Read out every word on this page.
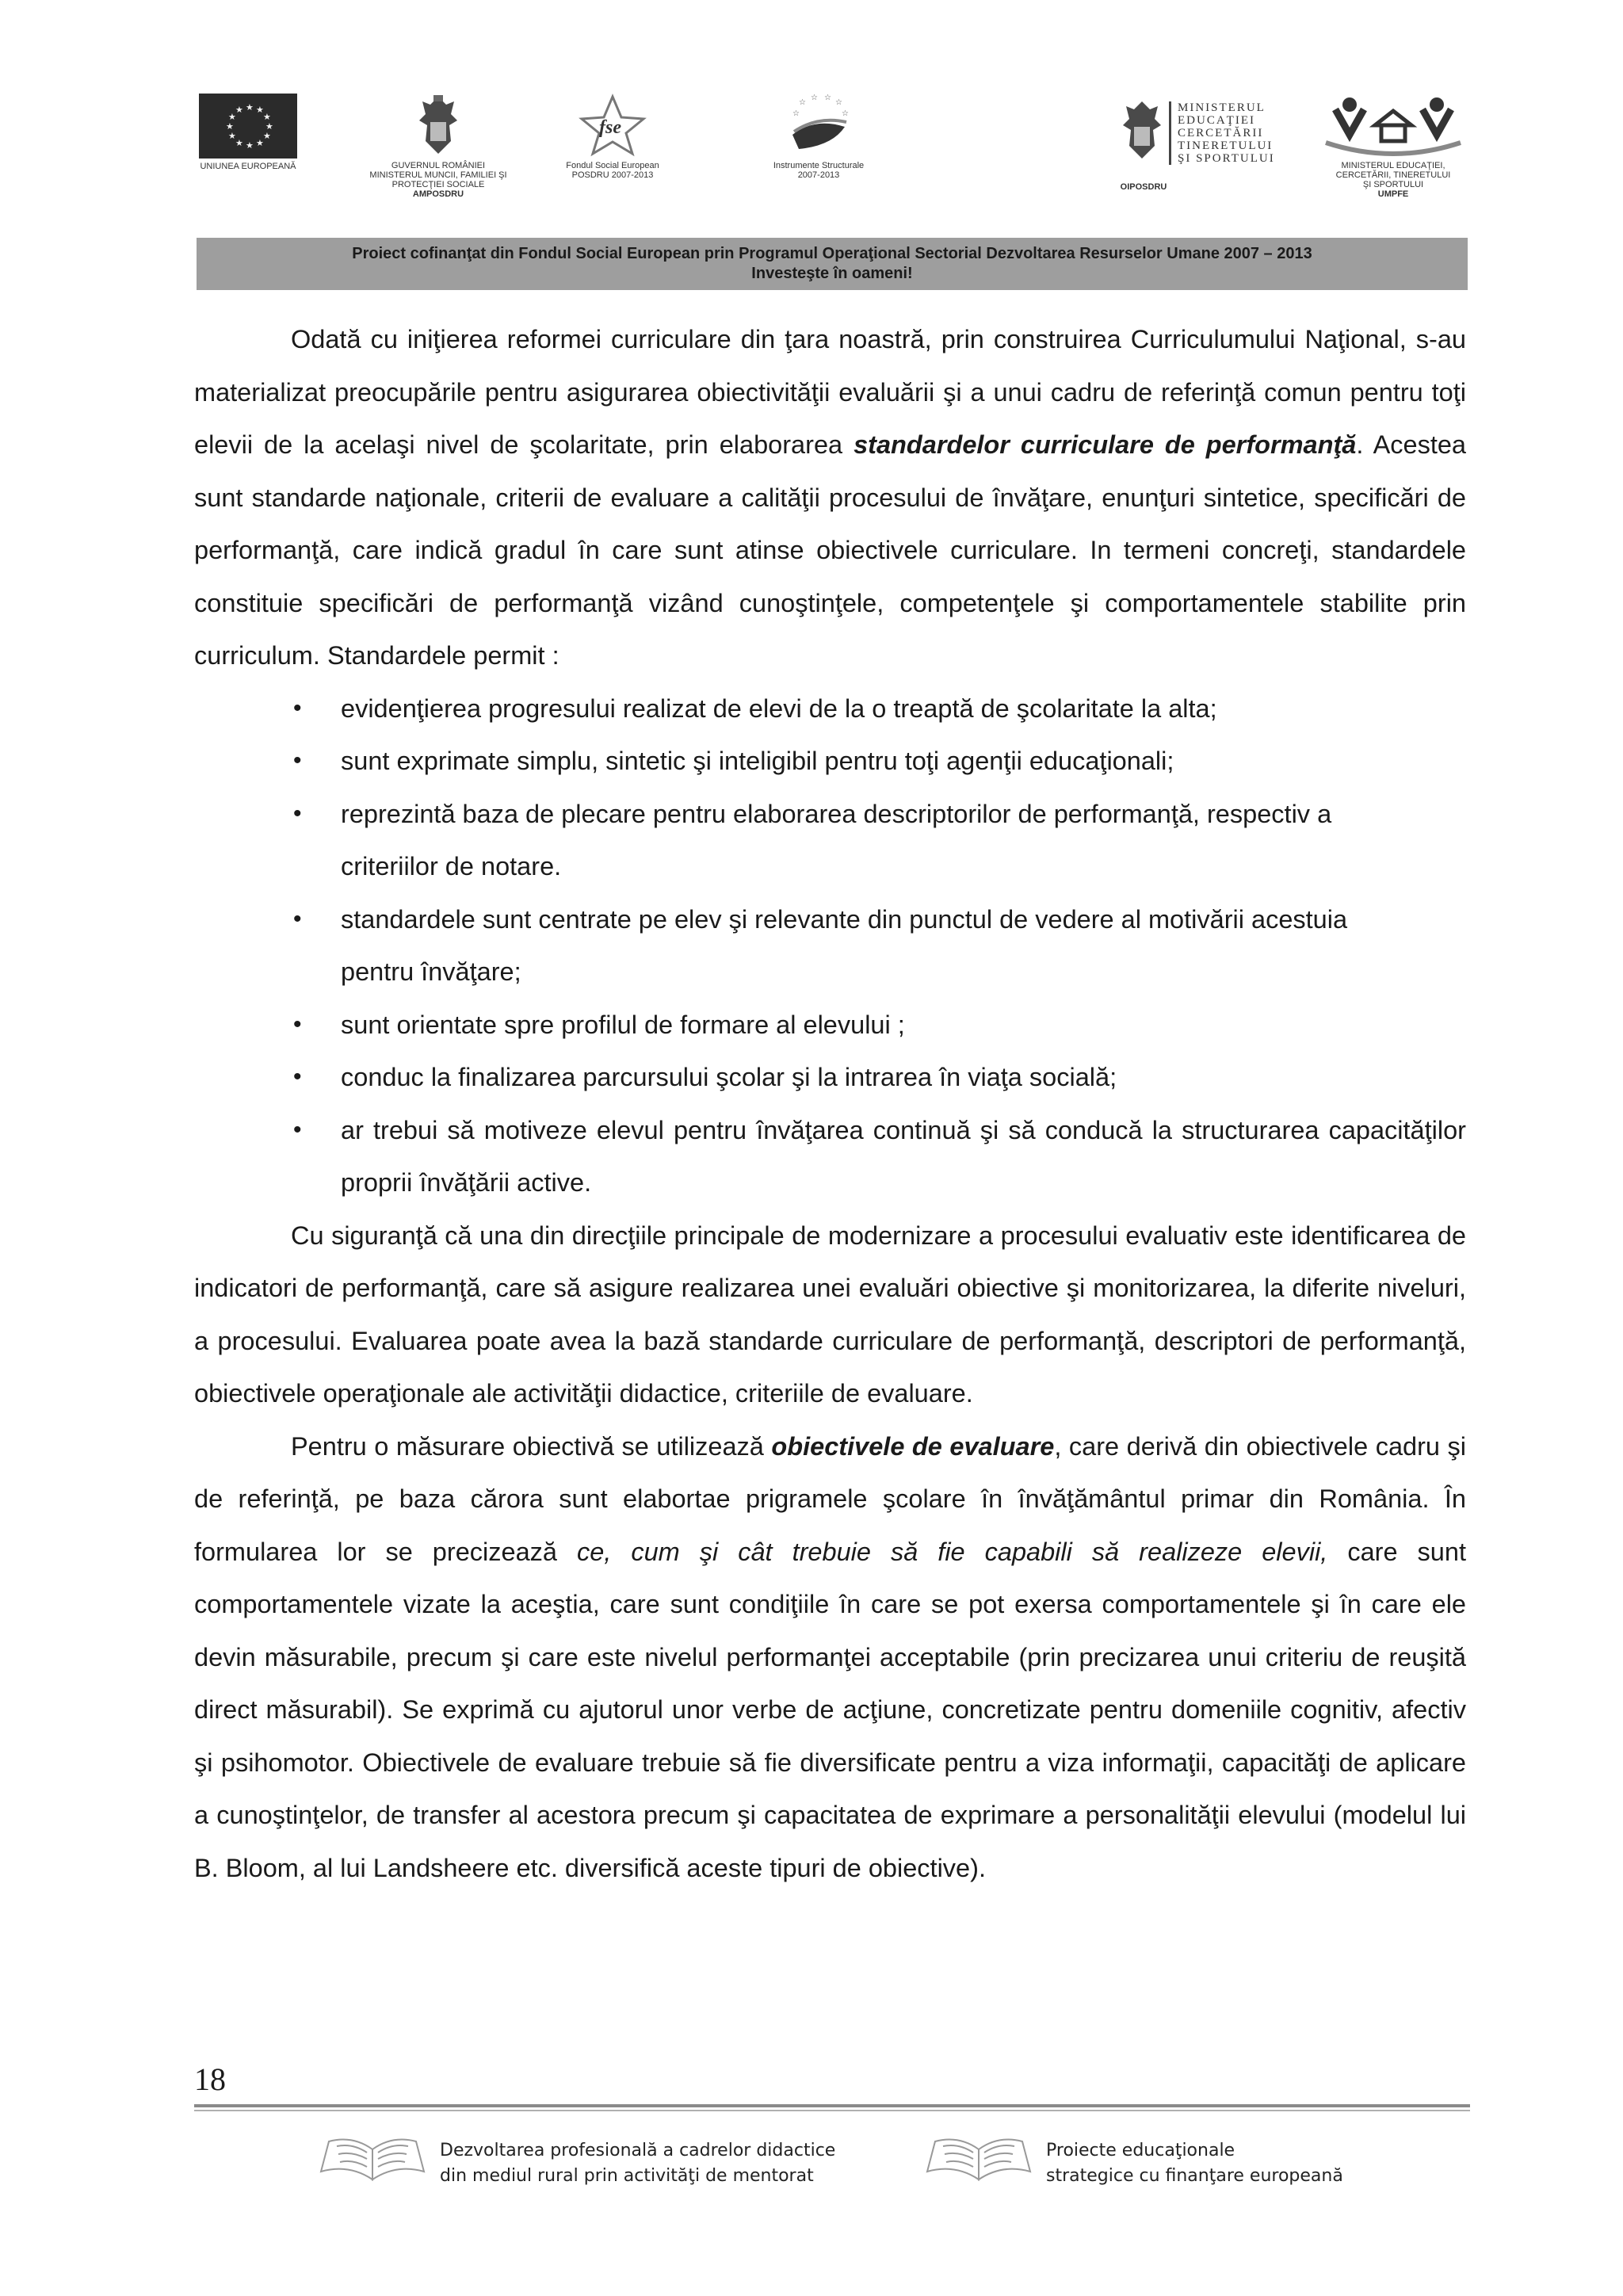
★ ★
★
★
★
★
★
★
★
★
★
★
UNIUNEA EUROPEANĂ	GUVERNUL ROMÂNIEI
MINISTERUL MUNCII, FAMILIEI ŞI
PROTECŢIEI SOCIALE
AMPOSDRU
fse
Fondul Social European
POSDRU 2007-2013
☆
☆ ☆
☆
☆	☆
Instrumente Structurale
2007-2013
MINISTERUL
EDUCAŢIEI
CERCETĂRII
TINERETULUI
ŞI SPORTULUI
OIPOSDRU
MINISTERUL EDUCAŢIEI,
CERCETĂRII, TINERETULUI
ŞI SPORTULUI
UMPFE
Proiect cofinanţat din Fondul Social European prin Programul Operaţional Sectorial Dezvoltarea Resurselor Umane 2007 – 2013
Investeşte în oameni!

Odată cu iniţierea reformei curriculare din ţara noastră, prin construirea Curriculumului Naţional, s-au materializat preocupările pentru asigurarea obiectivităţii evaluării şi a unui cadru de referinţă comun pentru toţi elevii de la acelaşi nivel de şcolaritate, prin elaborarea standardelor curriculare de performanţă. Acestea sunt standarde naţionale, criterii de evaluare a calităţii procesului de învăţare, enunţuri sintetice, specificări de performanţă, care indică gradul în care sunt atinse obiectivele curriculare. In termeni concreţi, standardele constituie specificări de performanţă vizând cunoştinţele, competenţele şi comportamentele stabilite prin curriculum. Standardele permit :

• evidenţierea progresului realizat de elevi de la o treaptă de şcolaritate la alta;
• sunt exprimate simplu, sintetic şi inteligibil pentru toţi agenţii educaţionali;
• reprezintă baza de plecare pentru elaborarea descriptorilor de performanţă, respectiv a criteriilor de notare.
• standardele sunt centrate pe elev şi relevante din punctul de vedere al motivării acestuia pentru învăţare;
• sunt orientate spre profilul de formare al elevului ;
• conduc la finalizarea parcursului şcolar şi la intrarea în viaţa socială;
• ar trebui să motiveze elevul pentru învăţarea continuă şi să conducă la structurarea capacităţilor proprii învăţării active.

Cu siguranţă că una din direcţiile principale de modernizare a procesului evaluativ este identificarea de indicatori de performanţă, care să asigure realizarea unei evaluări obiective şi monitorizarea, la diferite niveluri, a procesului. Evaluarea poate avea la bază standarde curriculare de performanţă, descriptori de performanţă, obiectivele operaţionale ale activităţii didactice, criteriile de evaluare.

Pentru o măsurare obiectivă se utilizează obiectivele de evaluare, care derivă din obiectivele cadru şi de referinţă, pe baza cărora sunt elabortae prigramele şcolare în învăţământul primar din România. În formularea lor se precizează ce, cum şi cât trebuie să fie capabili să realizeze elevii, care sunt comportamentele vizate la aceştia, care sunt condiţiile în care se pot exersa comportamentele şi în care ele devin măsurabile, precum şi care este nivelul performanţei acceptabile (prin precizarea unui criteriu de reuşită direct măsurabil). Se exprimă cu ajutorul unor verbe de acţiune, concretizate pentru domeniile cognitiv, afectiv şi psihomotor. Obiectivele de evaluare trebuie să fie diversificate pentru a viza informaţii, capacităţi de aplicare a cunoştinţelor, de transfer al acestora precum şi capacitatea de exprimare a personalităţii elevului (modelul lui B. Bloom, al lui Landsheere etc. diversifică aceste tipuri de obiective).

18
Dezvoltarea profesională a cadrelor didactice
din mediul rural prin activităţi de mentorat
Proiecte educaţionale
strategice cu finanţare europeană
